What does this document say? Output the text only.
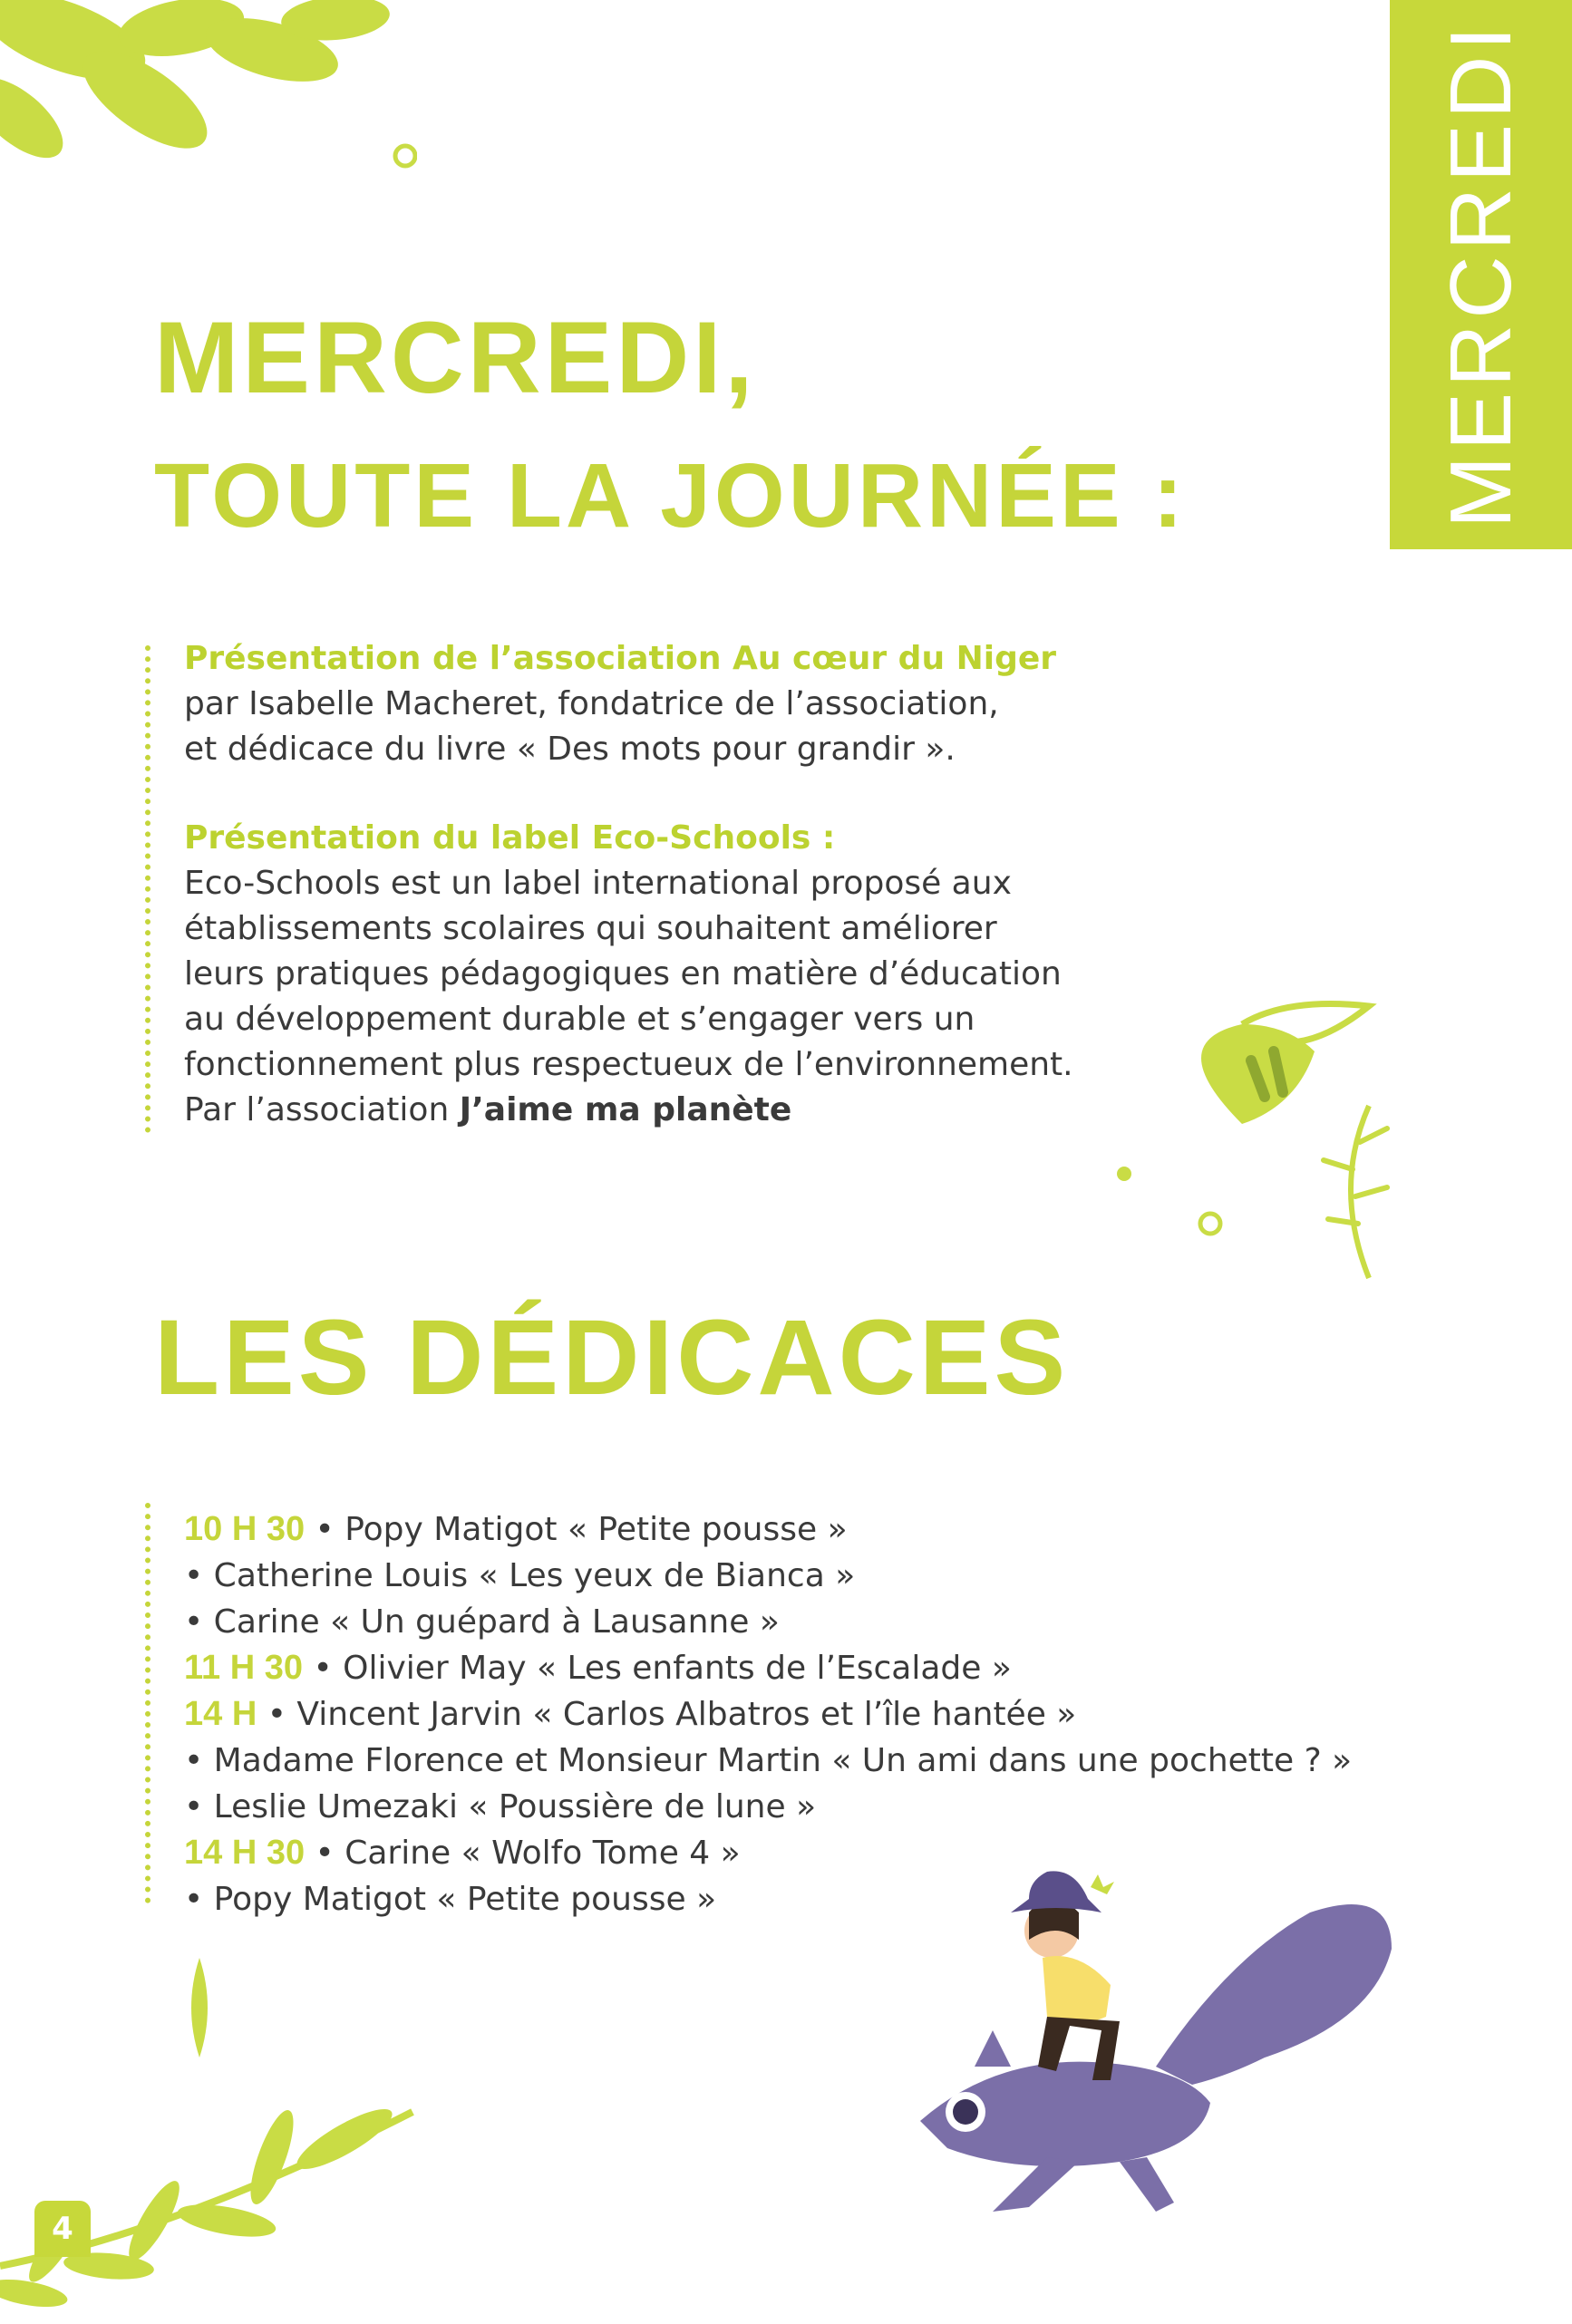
MERCREDI
MERCREDI,
TOUTE LA JOURNÉE :
Présentation de l’association Au cœur du Niger
par Isabelle Macheret, fondatrice de l’association,
et dédicace du livre « Des mots pour grandir ».
Présentation du label Eco-Schools :
Eco-Schools est un label international proposé aux
établissements scolaires qui souhaitent améliorer
leurs pratiques pédagogiques en matière d’éducation
au développement durable et s’engager vers un
fonctionnement plus respectueux de l’environnement.
Par l’association J’aime ma planète
LES DÉDICACES
10 H 30 • Popy Matigot « Petite pousse »
• Catherine Louis « Les yeux de Bianca »
• Carine « Un guépard à Lausanne »
11 H 30 • Olivier May « Les enfants de l’Escalade »
14 H • Vincent Jarvin « Carlos Albatros et l’île hantée »
• Madame Florence et Monsieur Martin « Un ami dans une pochette ? »
• Leslie Umezaki « Poussière de lune »
14 H 30 • Carine « Wolfo Tome 4 »
• Popy Matigot « Petite pousse »
4
